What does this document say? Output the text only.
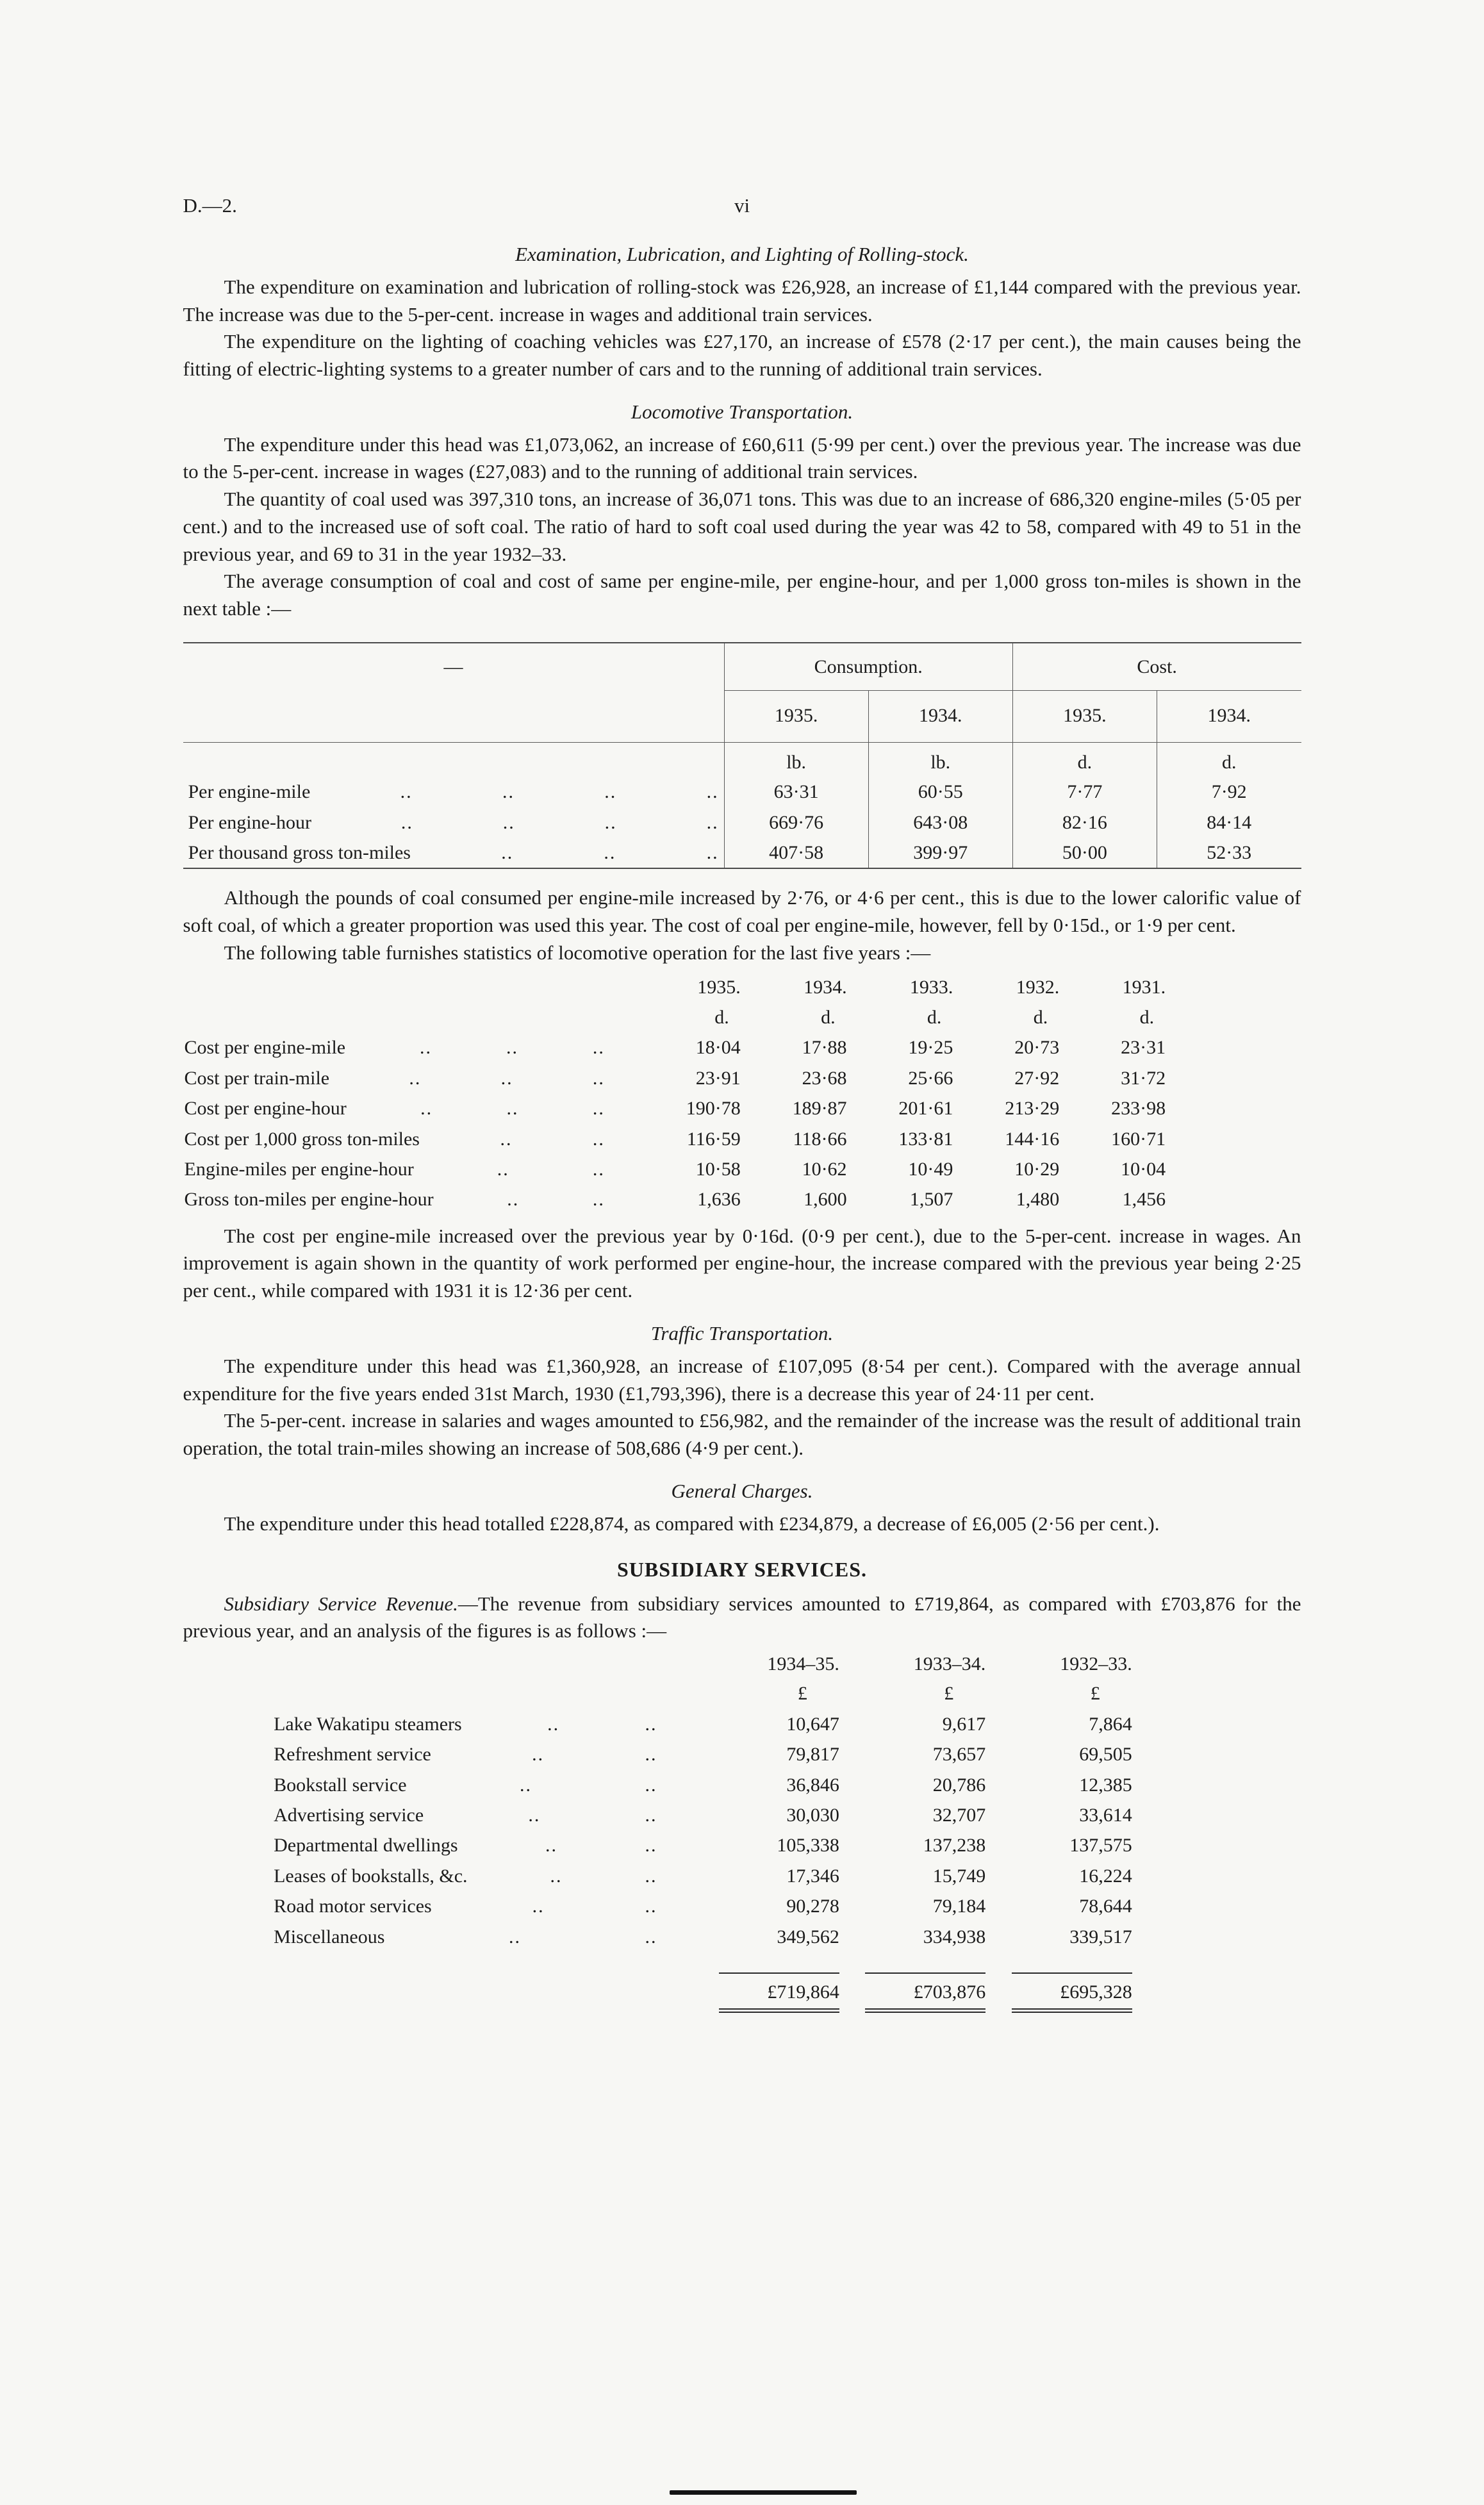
D.—2.	vi
Examination, Lubrication, and Lighting of Rolling-stock.

The expenditure on examination and lubrication of rolling-stock was £26,928, an increase of £1,144 compared with the previous year. The increase was due to the 5-per-cent. increase in wages and additional train services.

The expenditure on the lighting of coaching vehicles was £27,170, an increase of £578 (2·17 per cent.), the main causes being the fitting of electric-lighting systems to a greater number of cars and to the running of additional train services.

Locomotive Transportation.

The expenditure under this head was £1,073,062, an increase of £60,611 (5·99 per cent.) over the previous year. The increase was due to the 5-per-cent. increase in wages (£27,083) and to the running of additional train services.

The quantity of coal used was 397,310 tons, an increase of 36,071 tons. This was due to an increase of 686,320 engine-miles (5·05 per cent.) and to the increased use of soft coal. The ratio of hard to soft coal used during the year was 42 to 58, compared with 49 to 51 in the previous year, and 69 to 31 in the year 1932–33.

The average consumption of coal and cost of same per engine-mile, per engine-hour, and per 1,000 gross ton-miles is shown in the next table :—

—	Consumption.		Cost.	
	1935.	1934.	1935.	1934.
	lb.	lb.	d.	d.

Per engine-mile .. .. .. ..	63·31	60·55	7·77	7·92

Per engine-hour .. .. .. ..	669·76	643·08	82·16	84·14

Per thousand gross ton-miles .. .. ..	407·58	399·97	50·00	52·33

Although the pounds of coal consumed per engine-mile increased by 2·76, or 4·6 per cent., this is due to the lower calorific value of soft coal, of which a greater proportion was used this year. The cost of coal per engine-mile, however, fell by 0·15d., or 1·9 per cent.

The following table furnishes statistics of locomotive operation for the last five years :—

	1935.	1934.	1933.	1932.	1931.
	d.	d.	d.	d.	d.

Cost per engine-mile .. .. ..	18·04	17·88	19·25	20·73	23·31

Cost per train-mile .. .. ..	23·91	23·68	25·66	27·92	31·72

Cost per engine-hour .. .. ..	190·78	189·87	201·61	213·29	233·98

Cost per 1,000 gross ton-miles .. ..	116·59	118·66	133·81	144·16	160·71

Engine-miles per engine-hour .. ..	10·58	10·62	10·49	10·29	10·04

Gross ton-miles per engine-hour .. ..	1,636	1,600	1,507	1,480	1,456

The cost per engine-mile increased over the previous year by 0·16d. (0·9 per cent.), due to the 5-per-cent. increase in wages. An improvement is again shown in the quantity of work performed per engine-hour, the increase compared with the previous year being 2·25 per cent., while compared with 1931 it is 12·36 per cent.

Traffic Transportation.

The expenditure under this head was £1,360,928, an increase of £107,095 (8·54 per cent.). Compared with the average annual expenditure for the five years ended 31st March, 1930 (£1,793,396), there is a decrease this year of 24·11 per cent.

The 5-per-cent. increase in salaries and wages amounted to £56,982, and the remainder of the increase was the result of additional train operation, the total train-miles showing an increase of 508,686 (4·9 per cent.).

General Charges.

The expenditure under this head totalled £228,874, as compared with £234,879, a decrease of £6,005 (2·56 per cent.).

SUBSIDIARY SERVICES.

Subsidiary Service Revenue.—The revenue from subsidiary services amounted to £719,864, as compared with £703,876 for the previous year, and an analysis of the figures is as follows :—

	1934–35.	1933–34.	1932–33.
	£	£	£

Lake Wakatipu steamers .. ..	10,647	9,617	7,864

Refreshment service .. ..	79,817	73,657	69,505

Bookstall service .. ..	36,846	20,786	12,385

Advertising service .. ..	30,030	32,707	33,614

Departmental dwellings .. ..	105,338	137,238	137,575

Leases of bookstalls, &c. .. ..	17,346	15,749	16,224

Road motor services .. ..	90,278	79,184	78,644

Miscellaneous .. ..	349,562	334,938	339,517
	£719,864	£703,876	£695,328
